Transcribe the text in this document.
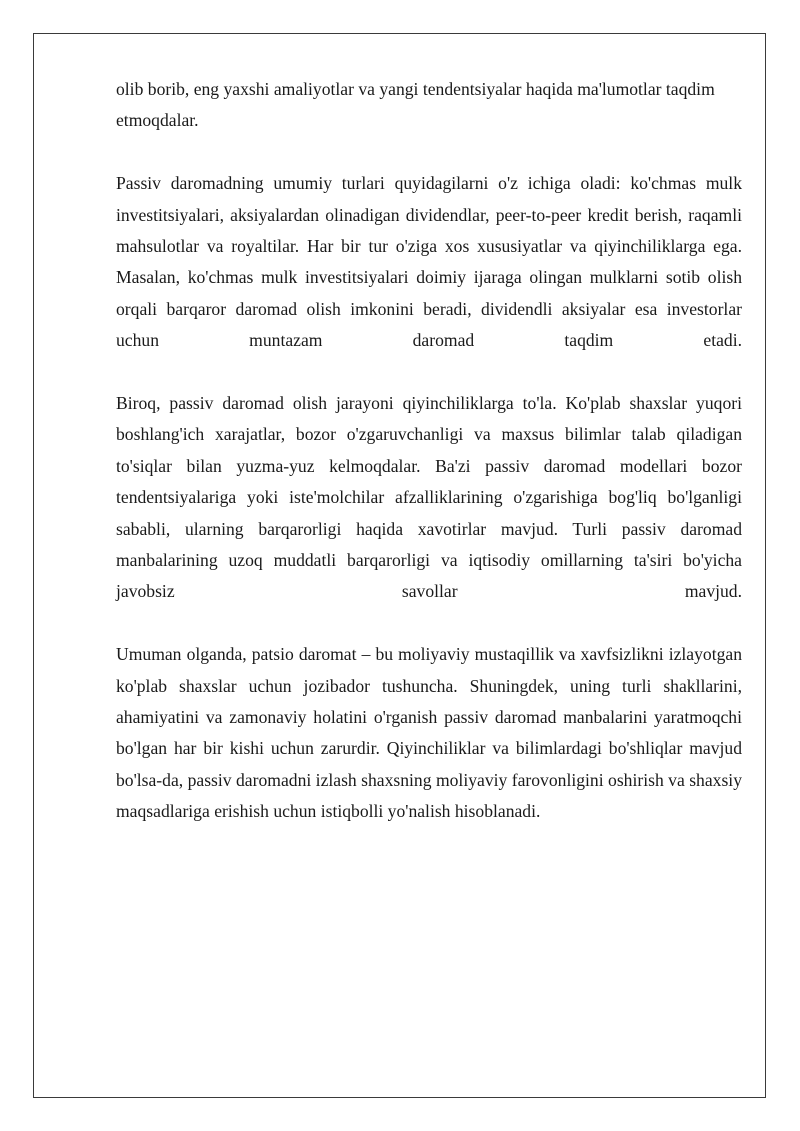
olib borib, eng yaxshi amaliyotlar va yangi tendentsiyalar haqida ma'lumotlar taqdim etmoqdalar.

Passiv daromadning umumiy turlari quyidagilarni o'z ichiga oladi: ko'chmas mulk investitsiyalari, aksiyalardan olinadigan dividendlar, peer-to-peer kredit berish, raqamli mahsulotlar va royaltilar. Har bir tur o'ziga xos xususiyatlar va qiyinchiliklarga ega. Masalan, ko'chmas mulk investitsiyalari doimiy ijaraga olingan mulklarni sotib olish orqali barqaror daromad olish imkonini beradi, dividendli aksiyalar esa investorlar uchun muntazam daromad taqdim etadi.

Biroq, passiv daromad olish jarayoni qiyinchiliklarga to'la. Ko'plab shaxslar yuqori boshlang'ich xarajatlar, bozor o'zgaruvchanligi va maxsus bilimlar talab qiladigan to'siqlar bilan yuzma-yuz kelmoqdalar. Ba'zi passiv daromad modellari bozor tendentsiyalariga yoki iste'molchilar afzalliklarining o'zgarishiga bog'liq bo'lganligi sababli, ularning barqarorligi haqida xavotirlar mavjud. Turli passiv daromad manbalarining uzoq muddatli barqarorligi va iqtisodiy omillarning ta'siri bo'yicha javobsiz savollar mavjud.

Umuman olganda, patsio daromat – bu moliyaviy mustaqillik va xavfsizlikni izlayotgan ko'plab shaxslar uchun jozibador tushuncha. Shuningdek, uning turli shakllarini, ahamiyatini va zamonaviy holatini o'rganish passiv daromad manbalarini yaratmoqchi bo'lgan har bir kishi uchun zarurdir. Qiyinchiliklar va bilimlardagi bo'shliqlar mavjud bo'lsa-da, passiv daromadni izlash shaxsning moliyaviy farovonligini oshirish va shaxsiy maqsadlariga erishish uchun istiqbolli yo'nalish hisoblanadi.
